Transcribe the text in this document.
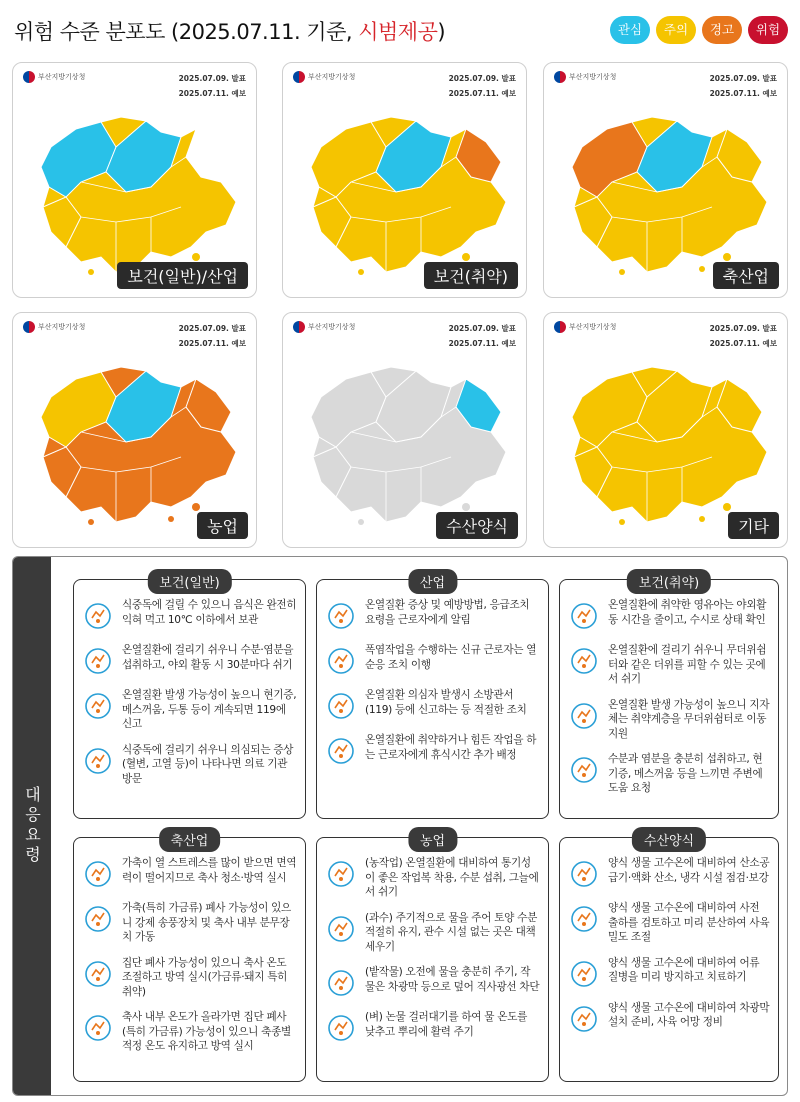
위험 수준 분포도 (2025.07.11. 기준, 시범제공)	관심	주의	경고	위험
부산지방기상청	2025.07.09. 발표
2025.07.11. 예보
보건(일반)/산업
부산지방기상청	2025.07.09. 발표
2025.07.11. 예보
보건(취약)
부산지방기상청	2025.07.09. 발표
2025.07.11. 예보
축산업
부산지방기상청	2025.07.09. 발표
2025.07.11. 예보
농업
부산지방기상청	2025.07.09. 발표
2025.07.11. 예보
수산양식
부산지방기상청	2025.07.09. 발표
2025.07.11. 예보
기타
대응요령
보건(일반)
식중독에 걸릴 수 있으니 음식은 완전히 익혀 먹고 10℃ 이하에서 보관
온열질환에 걸리기 쉬우니 수분·염분을 섭취하고, 야외 활동 시 30분마다 쉬기
온열질환 발생 가능성이 높으니 현기증, 메스꺼움, 두통 등이 계속되면 119에 신고
식중독에 걸리기 쉬우니 의심되는 증상(혈변, 고열 등)이 나타나면 의료 기관 방문
산업
온열질환 증상 및 예방방법, 응급조치 요령을 근로자에게 알림
폭염작업을 수행하는 신규 근로자는 열순응 조치 이행
온열질환 의심자 발생시 소방관서(119) 등에 신고하는 등 적절한 조치
온열질환에 취약하거나 힘든 작업을 하는 근로자에게 휴식시간 추가 배정
보건(취약)
온열질환에 취약한 영유아는 야외활동 시간을 줄이고, 수시로 상태 확인
온열질환에 걸리기 쉬우니 무더위쉼터와 같은 더위를 피할 수 있는 곳에서 쉬기
온열질환 발생 가능성이 높으니 지자체는 취약계층을 무더위쉼터로 이동 지원
수분과 염분을 충분히 섭취하고, 현기증, 메스꺼움 등을 느끼면 주변에 도움 요청
축산업
가축이 열 스트레스를 많이 받으면 면역력이 떨어지므로 축사 청소·방역 실시
가축(특히 가금류) 폐사 가능성이 있으니 강제 송풍장치 및 축사 내부 분무장치 가동
집단 폐사 가능성이 있으니 축사 온도 조절하고 방역 실시(가금류·돼지 특히 취약)
축사 내부 온도가 올라가면 집단 폐사(특히 가금류) 가능성이 있으니 축종별 적정 온도 유지하고 방역 실시
농업
(농작업) 온열질환에 대비하여 통기성이 좋은 작업복 착용, 수분 섭취, 그늘에서 쉬기
(과수) 주기적으로 물을 주어 토양 수분 적절히 유지, 관수 시설 없는 곳은 대책 세우기
(밭작물) 오전에 물을 충분히 주기, 작물은 차광막 등으로 덮어 직사광선 차단
(벼) 논물 걸러대기를 하여 물 온도를 낮추고 뿌리에 활력 주기
수산양식
양식 생물 고수온에 대비하여 산소공급기·액화 산소, 냉각 시설 점검·보강
양식 생물 고수온에 대비하여 사전 출하를 검토하고 미리 분산하여 사육 밀도 조절
양식 생물 고수온에 대비하여 어류 질병을 미리 방지하고 치료하기
양식 생물 고수온에 대비하여 차광막 설치 준비, 사육 어망 정비
